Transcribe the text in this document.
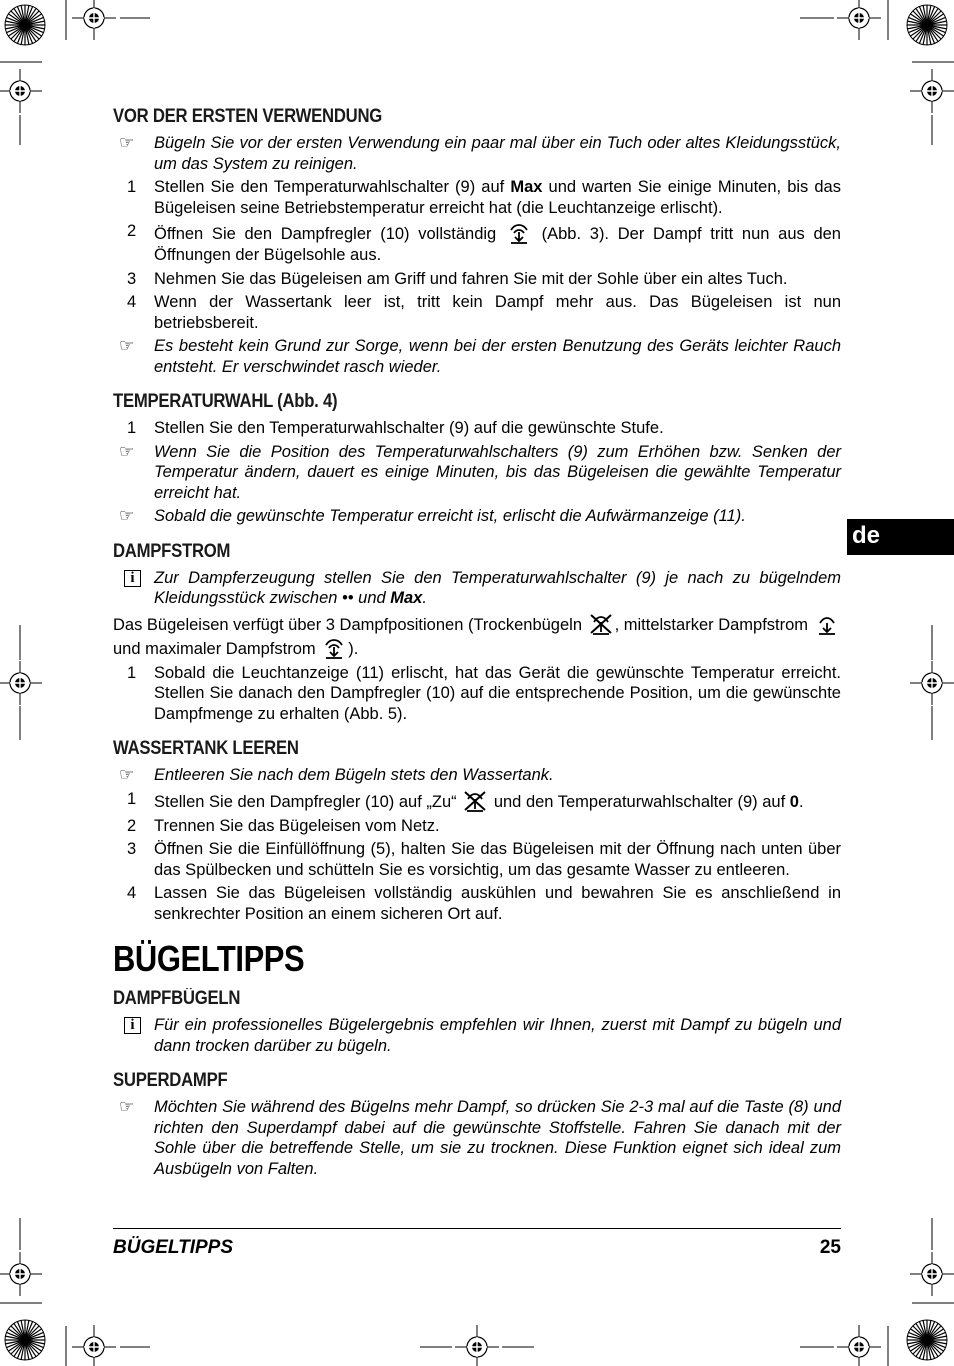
VOR DER ERSTEN VERWENDUNG
☞	Bügeln Sie vor der ersten Verwendung ein paar mal über ein Tuch oder altes Kleidungsstück, um das System zu reinigen.
1 Stellen Sie den Temperaturwahlschalter (9) auf Max und warten Sie einige Minuten, bis das Bügeleisen seine Betriebstemperatur erreicht hat (die Leuchtanzeige erlischt).
2 Öffnen Sie den Dampfregler (10) vollständig	(Abb. 3). Der Dampf tritt nun aus den Öffnungen der Bügelsohle aus.
3 Nehmen Sie das Bügeleisen am Griff und fahren Sie mit der Sohle über ein altes Tuch.
4 Wenn der Wassertank leer ist, tritt kein Dampf mehr aus. Das Bügeleisen ist nun betriebsbereit.
☞	Es besteht kein Grund zur Sorge, wenn bei der ersten Benutzung des Geräts leichter Rauch entsteht. Er verschwindet rasch wieder.
TEMPERATURWAHL (Abb. 4)
1 Stellen Sie den Temperaturwahlschalter (9) auf die gewünschte Stufe.
☞	Wenn Sie die Position des Temperaturwahlschalters (9) zum Erhöhen bzw. Senken der Temperatur ändern, dauert es einige Minuten, bis das Bügeleisen die gewählte Temperatur erreicht hat.
☞	Sobald die gewünschte Temperatur erreicht ist, erlischt die Aufwärmanzeige (11).
DAMPFSTROM
i	Zur Dampferzeugung stellen Sie den Temperaturwahlschalter (9) je nach zu bügelndem Kleidungsstück zwischen •• und Max.
Das Bügeleisen verfügt über 3 Dampfpositionen (Trockenbügeln , mittelstarker Dampfstrom  und maximaler Dampfstrom ).
1 Sobald die Leuchtanzeige (11) erlischt, hat das Gerät die gewünschte Temperatur erreicht. Stellen Sie danach den Dampfregler (10) auf die entsprechende Position, um die gewünschte Dampfmenge zu erhalten (Abb. 5).
WASSERTANK LEEREN
☞	Entleeren Sie nach dem Bügeln stets den Wassertank.
1 Stellen Sie den Dampfregler (10) auf „Zu“ und den Temperaturwahlschalter (9) auf 0.
2 Trennen Sie das Bügeleisen vom Netz.
3 Öffnen Sie die Einfüllöffnung (5), halten Sie das Bügeleisen mit der Öffnung nach unten über das Spülbecken und schütteln Sie es vorsichtig, um das gesamte Wasser zu entleeren.
4 Lassen Sie das Bügeleisen vollständig auskühlen und bewahren Sie es anschließend in senkrechter Position an einem sicheren Ort auf.
BÜGELTIPPS
DAMPFBÜGELN
i	Für ein professionelles Bügelergebnis empfehlen wir Ihnen, zuerst mit Dampf zu bügeln und dann trocken darüber zu bügeln.
SUPERDAMPF
☞	Möchten Sie während des Bügelns mehr Dampf, so drücken Sie 2-3 mal auf die Taste (8) und richten den Superdampf dabei auf die gewünschte Stoffstelle. Fahren Sie danach mit der Sohle über die betreffende Stelle, um sie zu trocknen. Diese Funktion eignet sich ideal zum Ausbügeln von Falten.
de
BÜGELTIPPS	25
